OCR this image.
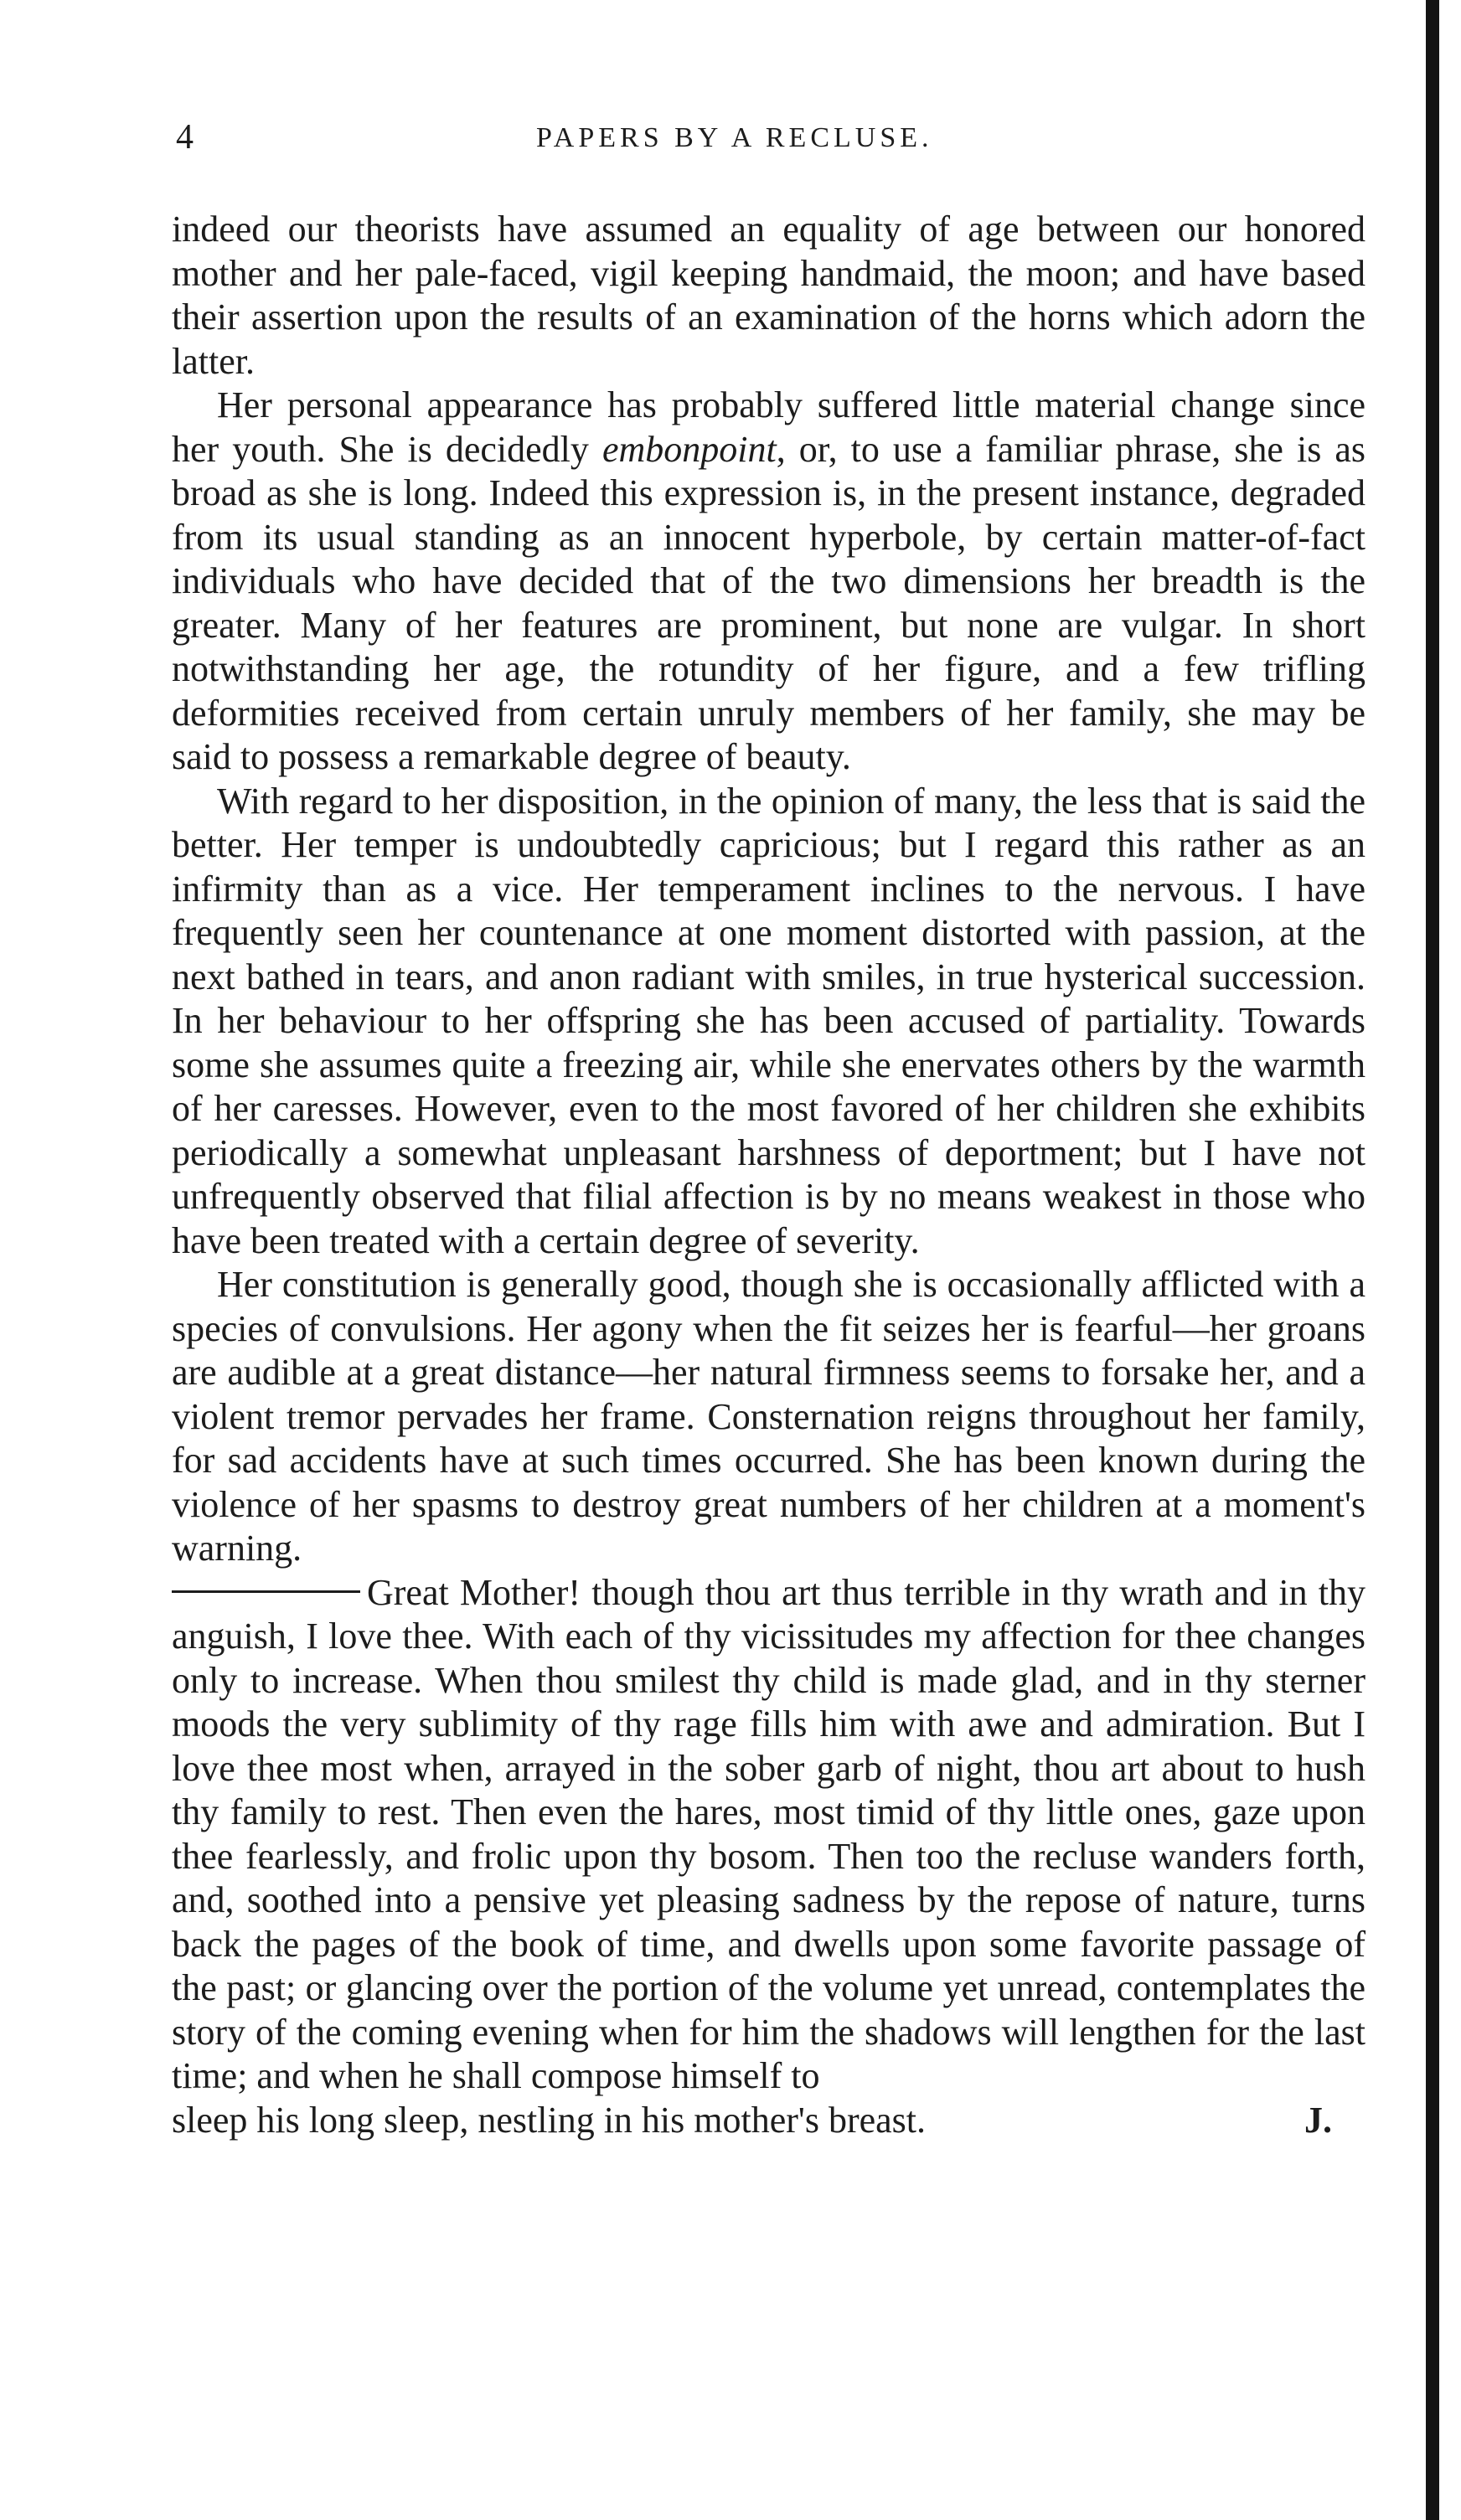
4	PAPERS BY A RECLUSE.

indeed our theorists have assumed an equality of age between our honored mother and her pale-faced, vigil keeping handmaid, the moon; and have based their assertion upon the results of an examination of the horns which adorn the latter.

Her personal appearance has probably suffered little material change since her youth. She is decidedly embonpoint, or, to use a familiar phrase, she is as broad as she is long. Indeed this expression is, in the present instance, degraded from its usual standing as an innocent hyperbole, by certain matter-of-fact individuals who have decided that of the two dimensions her breadth is the greater. Many of her features are prominent, but none are vulgar. In short notwithstanding her age, the rotundity of her figure, and a few trifling deformities received from certain unruly members of her family, she may be said to possess a remarkable degree of beauty.

With regard to her disposition, in the opinion of many, the less that is said the better. Her temper is undoubtedly capricious; but I regard this rather as an infirmity than as a vice. Her temperament inclines to the nervous. I have frequently seen her countenance at one moment distorted with passion, at the next bathed in tears, and anon radiant with smiles, in true hysterical succession. In her behaviour to her offspring she has been accused of partiality. Towards some she assumes quite a freezing air, while she enervates others by the warmth of her caresses. However, even to the most favored of her children she exhibits periodically a somewhat unpleasant harshness of deportment; but I have not unfrequently observed that filial affection is by no means weakest in those who have been treated with a certain degree of severity.

Her constitution is generally good, though she is occasionally afflicted with a species of convulsions. Her agony when the fit seizes her is fearful—her groans are audible at a great distance—her natural firmness seems to forsake her, and a violent tremor pervades her frame. Consternation reigns throughout her family, for sad accidents have at such times occurred. She has been known during the violence of her spasms to destroy great numbers of her children at a moment's warning.

Great Mother! though thou art thus terrible in thy wrath and in thy anguish, I love thee. With each of thy vicissitudes my affection for thee changes only to increase. When thou smilest thy child is made glad, and in thy sterner moods the very sublimity of thy rage fills him with awe and admiration. But I love thee most when, arrayed in the sober garb of night, thou art about to hush thy family to rest. Then even the hares, most timid of thy little ones, gaze upon thee fearlessly, and frolic upon thy bosom. Then too the recluse wanders forth, and, soothed into a pensive yet pleasing sadness by the repose of nature, turns back the pages of the book of time, and dwells upon some favorite passage of the past; or glancing over the portion of the volume yet unread, contemplates the story of the coming evening when for him the shadows will lengthen for the last time; and when he shall compose himself to

sleep his long sleep, nestling in his mother's breast.	J.
